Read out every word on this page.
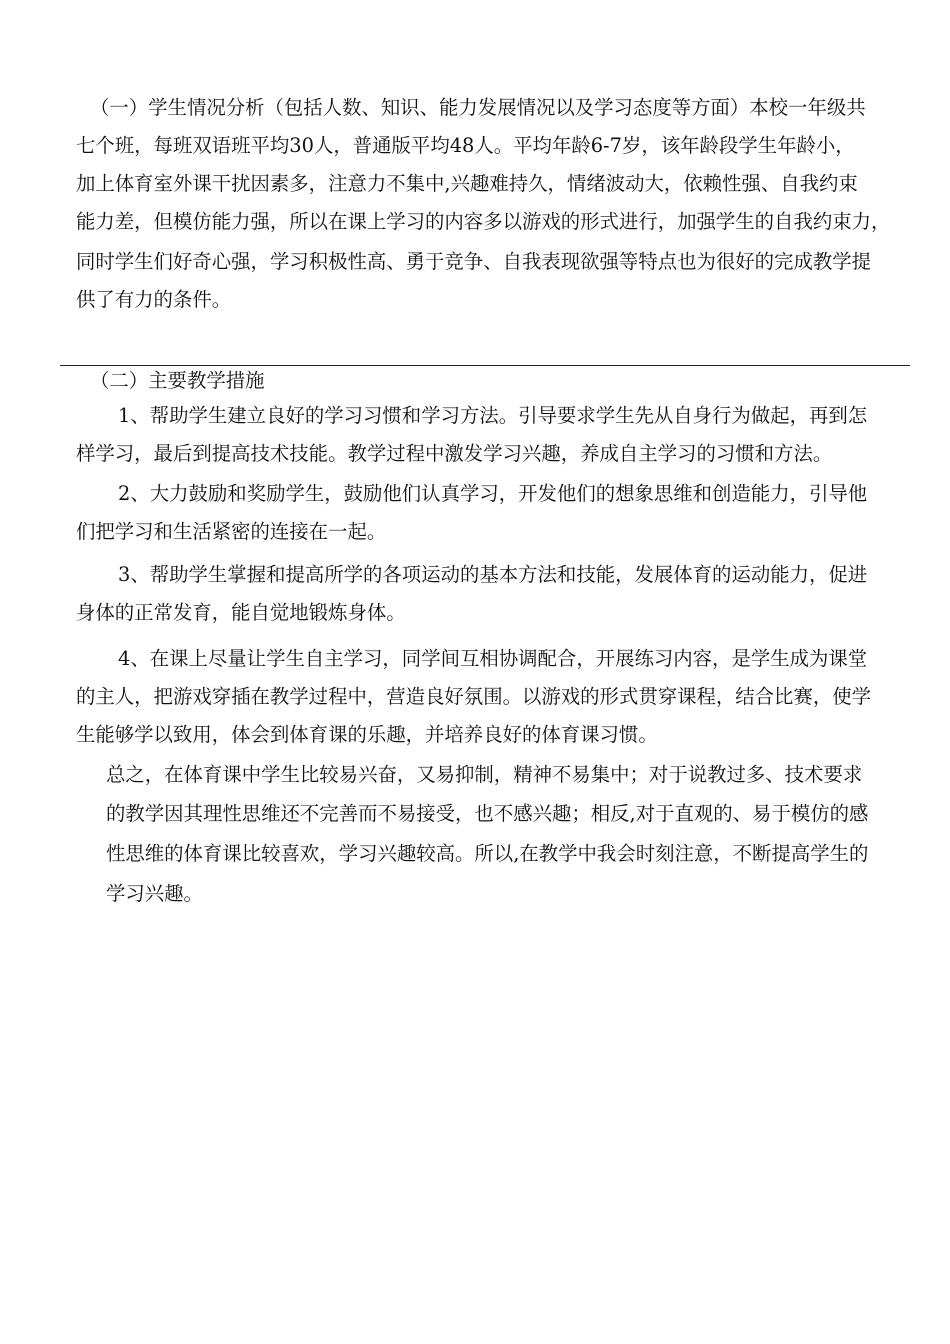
（一）学生情况分析（包括人数、知识、能力发展情况以及学习态度等方面）本校一年级共
七个班，每班双语班平均30人，普通版平均48人。平均年龄6-7岁，该年龄段学生年龄小，
加上体育室外课干扰因素多，注意力不集中,兴趣难持久，情绪波动大，依赖性强、自我约束
能力差，但模仿能力强，所以在课上学习的内容多以游戏的形式进行，加强学生的自我约束力，
同时学生们好奇心强，学习积极性高、勇于竞争、自我表现欲强等特点也为很好的完成教学提
供了有力的条件。
（二）主要教学措施
1、帮助学生建立良好的学习习惯和学习方法。引导要求学生先从自身行为做起，再到怎
样学习，最后到提高技术技能。教学过程中激发学习兴趣，养成自主学习的习惯和方法。
2、大力鼓励和奖励学生，鼓励他们认真学习，开发他们的想象思维和创造能力，引导他
们把学习和生活紧密的连接在一起。
3、帮助学生掌握和提高所学的各项运动的基本方法和技能，发展体育的运动能力，促进
身体的正常发育，能自觉地锻炼身体。
4、在课上尽量让学生自主学习，同学间互相协调配合，开展练习内容，是学生成为课堂
的主人，把游戏穿插在教学过程中，营造良好氛围。以游戏的形式贯穿课程，结合比赛，使学
生能够学以致用，体会到体育课的乐趣，并培养良好的体育课习惯。
总之，在体育课中学生比较易兴奋，又易抑制，精神不易集中；对于说教过多、技术要求
的教学因其理性思维还不完善而不易接受，也不感兴趣；相反,对于直观的、易于模仿的感
性思维的体育课比较喜欢，学习兴趣较高。所以,在教学中我会时刻注意，不断提高学生的
学习兴趣。
